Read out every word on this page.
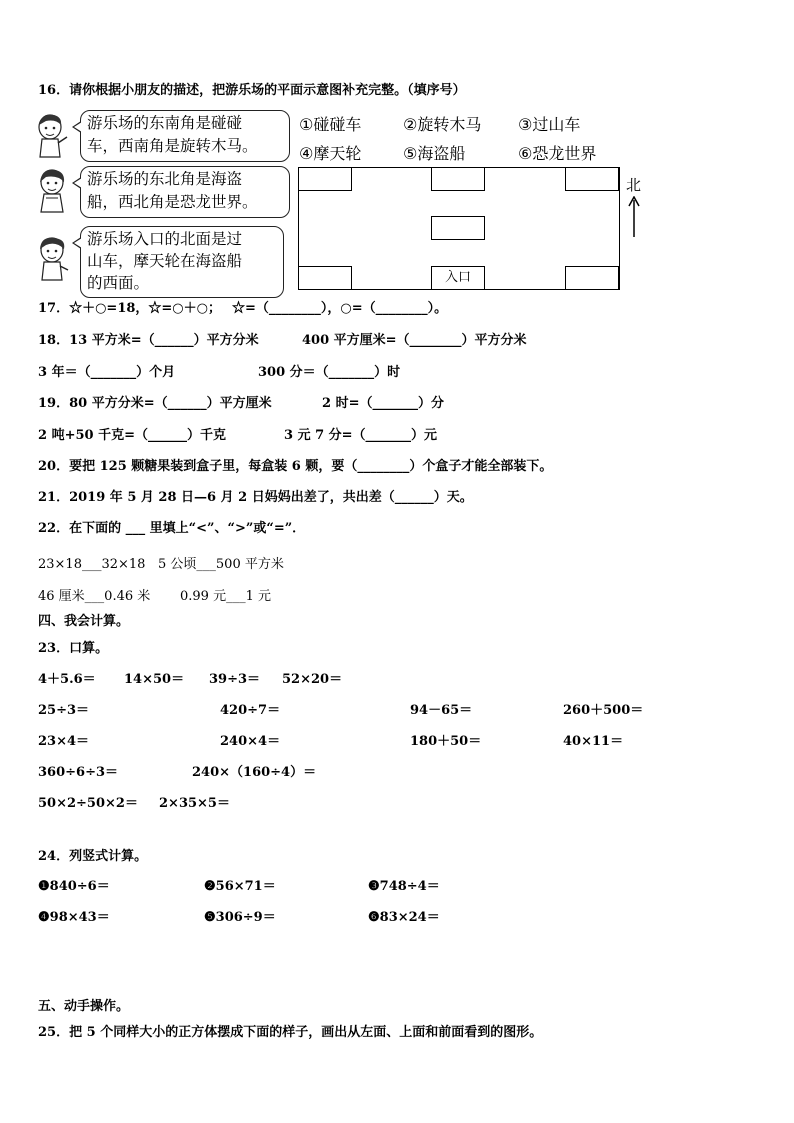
16．请你根据小朋友的描述，把游乐场的平面示意图补充完整。（填序号）
游乐场的东南角是碰碰
车，西南角是旋转木马。
游乐场的东北角是海盗
船，西北角是恐龙世界。
游乐场入口的北面是过
山车，摩天轮在海盗船
的西面。
①碰碰车	②旋转木马 ③过山车
④摩天轮	⑤海盗船	⑥恐龙世界
入口
北
17．☆＋○=18，☆=○＋○；　 ☆=（________），○=（________）。
18．13 平方米=（______）平方分米	400 平方厘米=（________）平方分米
3 年＝（_______）个月	300 分＝（_______）时
19．80 平方分米=（______）平方厘米	2 时=（_______）分
2 吨+50 千克=（______）千克	3 元 7 分=（_______）元
20．要把 125 颗糖果装到盒子里，每盒装 6 颗，要（________）个盒子才能全部装下。
21．2019 年 5 月 28 日—6 月 2 日妈妈出差了，共出差（______）天。
22．在下面的 ___ 里填上“<”、“>”或“=”．
23×18___32×18 5 公顷___500 平方米
46 厘米___0.46 米 0.99 元___1 元
四、我会计算。
23．口算。
4＋5.6＝ 14×50＝ 39÷3＝ 52×20＝
25÷3＝	420÷7＝	94－65＝	260＋500＝
23×4＝	240×4＝	180＋50＝	40×11＝
360÷6÷3＝	240×（160÷4）＝
50×2÷50×2＝ 2×35×5＝
24．列竖式计算。
❶840÷6＝	❷56×71＝	❸748÷4＝
❹98×43＝	❺306÷9＝	❻83×24＝
五、动手操作。
25．把 5 个同样大小的正方体摆成下面的样子，画出从左面、上面和前面看到的图形。
